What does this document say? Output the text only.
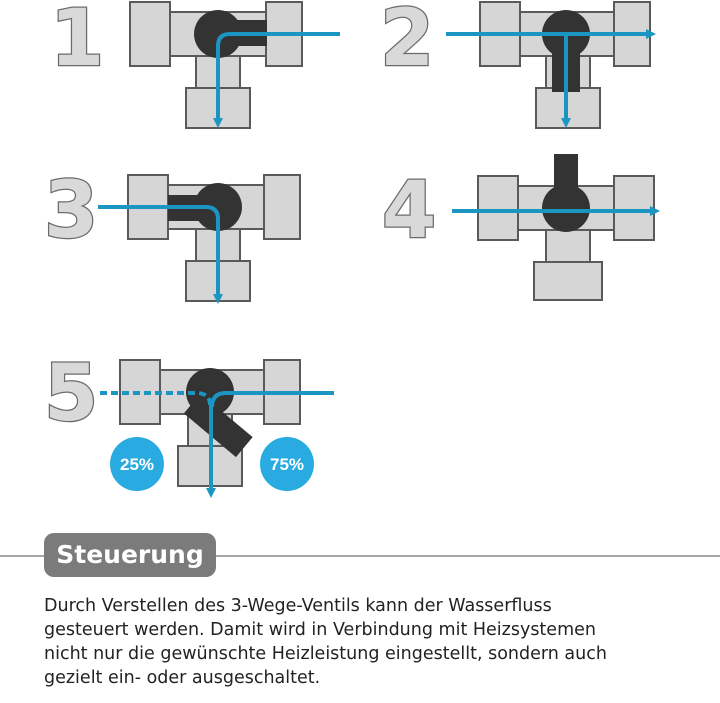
1	2
3	4
5
25%	75%
Steuerung

Durch Verstellen des 3-Wege-Ventils kann der Wasserfluss
gesteuert werden. Damit wird in Verbindung mit Heizsystemen
nicht nur die gewünschte Heizleistung eingestellt, sondern auch
gezielt ein- oder ausgeschaltet.
